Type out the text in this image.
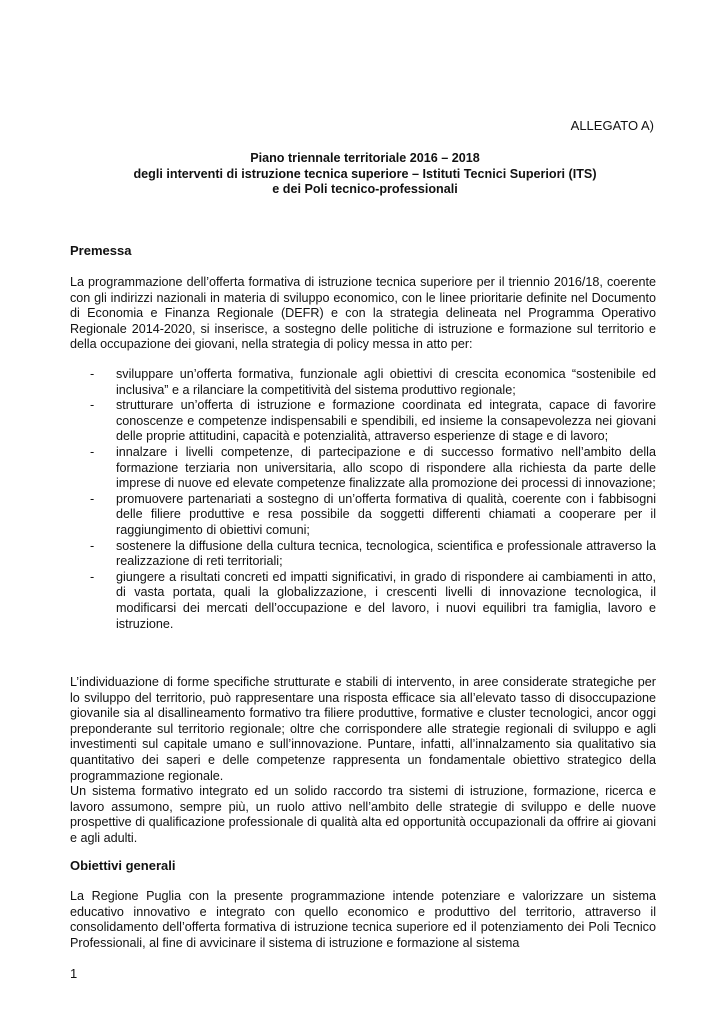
ALLEGATO A)
Piano triennale territoriale 2016 – 2018
degli interventi di istruzione tecnica superiore – Istituti Tecnici Superiori (ITS)
e dei Poli tecnico-professionali
Premessa
La programmazione dell’offerta formativa di istruzione tecnica superiore per il triennio 2016/18, coerente con gli indirizzi nazionali in materia di sviluppo economico, con le linee prioritarie definite nel Documento di Economia e Finanza Regionale (DEFR) e con la strategia delineata nel Programma Operativo Regionale 2014-2020, si inserisce, a sostegno delle politiche di istruzione e formazione sul territorio e della occupazione dei giovani, nella strategia di policy messa in atto per:
- sviluppare un’offerta formativa, funzionale agli obiettivi di crescita economica “sostenibile ed inclusiva” e a rilanciare la competitività del sistema produttivo regionale;
- strutturare un’offerta di istruzione e formazione coordinata ed integrata, capace di favorire conoscenze e competenze indispensabili e spendibili, ed insieme la consapevolezza nei giovani delle proprie attitudini, capacità e potenzialità, attraverso esperienze di stage e di lavoro;
- innalzare i livelli competenze, di partecipazione e di successo formativo nell’ambito della formazione terziaria non universitaria, allo scopo di rispondere alla richiesta da parte delle imprese di nuove ed elevate competenze finalizzate alla promozione dei processi di innovazione;
- promuovere partenariati a sostegno di un’offerta formativa di qualità, coerente con i fabbisogni delle filiere produttive e resa possibile da soggetti differenti chiamati a cooperare per il raggiungimento di obiettivi comuni;
- sostenere la diffusione della cultura tecnica, tecnologica, scientifica e professionale attraverso la realizzazione di reti territoriali;
- giungere a risultati concreti ed impatti significativi, in grado di rispondere ai cambiamenti in atto, di vasta portata, quali la globalizzazione, i crescenti livelli di innovazione tecnologica, il modificarsi dei mercati dell’occupazione e del lavoro, i nuovi equilibri tra famiglia, lavoro e istruzione.
L’individuazione di forme specifiche strutturate e stabili di intervento, in aree considerate strategiche per lo sviluppo del territorio, può rappresentare una risposta efficace sia all’elevato tasso di disoccupazione giovanile sia al disallineamento formativo tra filiere produttive, formative e cluster tecnologici, ancor oggi preponderante sul territorio regionale; oltre che corrispondere alle strategie regionali di sviluppo e agli investimenti sul capitale umano e sull’innovazione. Puntare, infatti, all’innalzamento sia qualitativo sia quantitativo dei saperi e delle competenze rappresenta un fondamentale obiettivo strategico della programmazione regionale.
Un sistema formativo integrato ed un solido raccordo tra sistemi di istruzione, formazione, ricerca e lavoro assumono, sempre più, un ruolo attivo nell’ambito delle strategie di sviluppo e delle nuove prospettive di qualificazione professionale di qualità alta ed opportunità occupazionali da offrire ai giovani e agli adulti.
Obiettivi generali
La Regione Puglia con la presente programmazione intende potenziare e valorizzare un sistema educativo innovativo e integrato con quello economico e produttivo del territorio, attraverso il consolidamento dell’offerta formativa di istruzione tecnica superiore ed il potenziamento dei Poli Tecnico Professionali, al fine di avvicinare il sistema di istruzione e formazione al sistema
1
